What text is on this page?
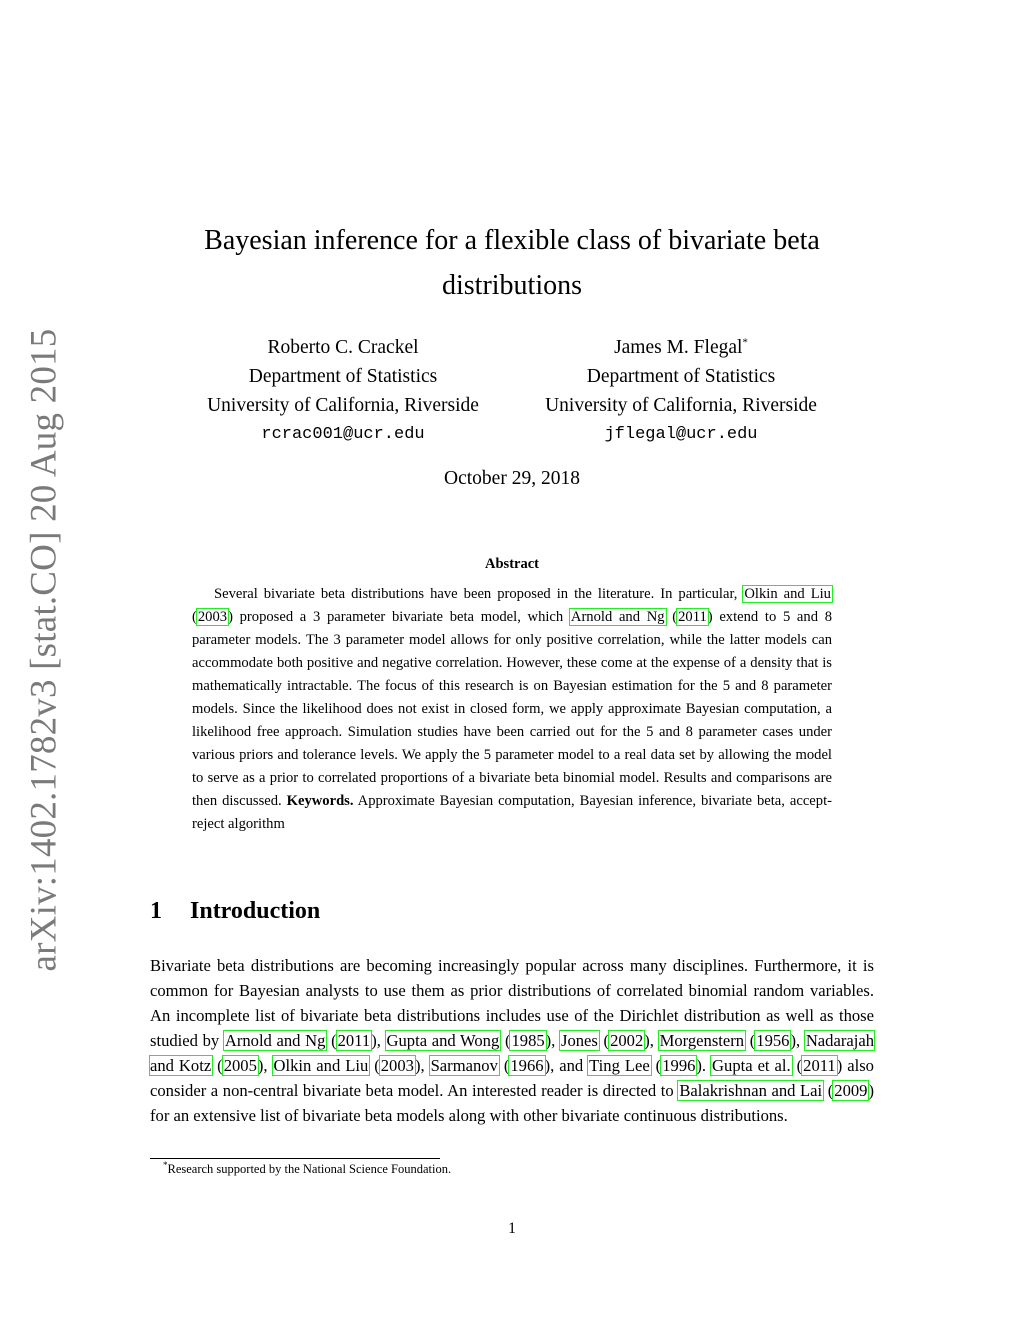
arXiv:1402.1782v3 [stat.CO] 20 Aug 2015
Bayesian inference for a flexible class of bivariate beta distributions
Roberto C. Crackel
Department of Statistics
University of California, Riverside
rcrac001@ucr.edu
James M. Flegal*
Department of Statistics
University of California, Riverside
jflegal@ucr.edu
October 29, 2018
Abstract

Several bivariate beta distributions have been proposed in the literature. In particular, Olkin and Liu (2003) proposed a 3 parameter bivariate beta model, which Arnold and Ng (2011) extend to 5 and 8 parameter models. The 3 parameter model allows for only positive correlation, while the latter models can accommodate both positive and negative correlation. However, these come at the expense of a density that is mathematically intractable. The focus of this research is on Bayesian estimation for the 5 and 8 parameter models. Since the likelihood does not exist in closed form, we apply approximate Bayesian computation, a likelihood free approach. Simulation studies have been carried out for the 5 and 8 parameter cases under various priors and tolerance levels. We apply the 5 parameter model to a real data set by allowing the model to serve as a prior to correlated proportions of a bivariate beta binomial model. Results and comparisons are then discussed. Keywords. Approximate Bayesian computation, Bayesian inference, bivariate beta, accept-reject algorithm

1 Introduction

Bivariate beta distributions are becoming increasingly popular across many disciplines. Furthermore, it is common for Bayesian analysts to use them as prior distributions of correlated binomial random variables. An incomplete list of bivariate beta distributions includes use of the Dirichlet distribution as well as those studied by Arnold and Ng (2011), Gupta and Wong (1985), Jones (2002), Morgenstern (1956), Nadarajah and Kotz (2005), Olkin and Liu (2003), Sarmanov (1966), and Ting Lee (1996). Gupta et al. (2011) also consider a non-central bivariate beta model. An interested reader is directed to Balakrishnan and Lai (2009) for an extensive list of bivariate beta models along with other bivariate continuous distributions.

*Research supported by the National Science Foundation.
1
